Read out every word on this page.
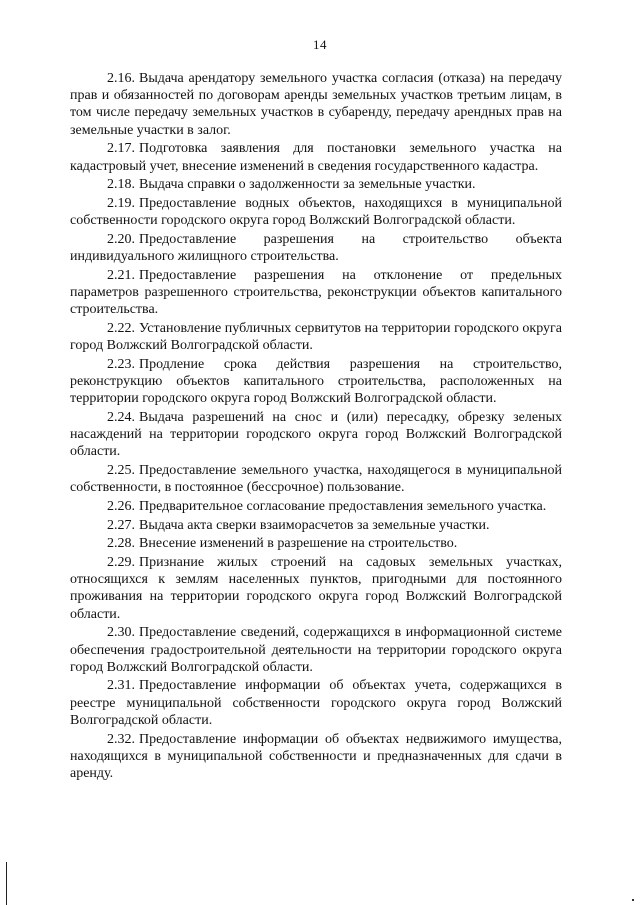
14

2.16. Выдача арендатору земельного участка согласия (отказа) на передачу прав и обязанностей по договорам аренды земельных участков третьим лицам, в том числе передачу земельных участков в субаренду, передачу арендных прав на земельные участки в залог.

2.17. Подготовка заявления для постановки земельного участка на кадастровый учет, внесение изменений в сведения государственного кадастра.

2.18. Выдача справки о задолженности за земельные участки.

2.19. Предоставление водных объектов, находящихся в муниципальной собственности городского округа город Волжский Волгоградской области.

2.20. Предоставление разрешения на строительство объекта индивидуального жилищного строительства.

2.21. Предоставление разрешения на отклонение от предельных параметров разрешенного строительства, реконструкции объектов капитального строительства.

2.22. Установление публичных сервитутов на территории городского округа город Волжский Волгоградской области.

2.23. Продление срока действия разрешения на строительство, реконструкцию объектов капитального строительства, расположенных на территории городского округа город Волжский Волгоградской области.

2.24. Выдача разрешений на снос и (или) пересадку, обрезку зеленых насаждений на территории городского округа город Волжский Волгоградской области.

2.25. Предоставление земельного участка, находящегося в муниципальной собственности, в постоянное (бессрочное) пользование.

2.26. Предварительное согласование предоставления земельного участка.

2.27. Выдача акта сверки взаиморасчетов за земельные участки.

2.28. Внесение изменений в разрешение на строительство.

2.29. Признание жилых строений на садовых земельных участках, относящихся к землям населенных пунктов, пригодными для постоянного проживания на территории городского округа город Волжский Волгоградской области.

2.30. Предоставление сведений, содержащихся в информационной системе обеспечения градостроительной деятельности на территории городского округа город Волжский Волгоградской области.

2.31. Предоставление информации об объектах учета, содержащихся в реестре муниципальной собственности городского округа город Волжский Волгоградской области.

2.32. Предоставление информации об объектах недвижимого имущества, находящихся в муниципальной собственности и предназначенных для сдачи в аренду.
